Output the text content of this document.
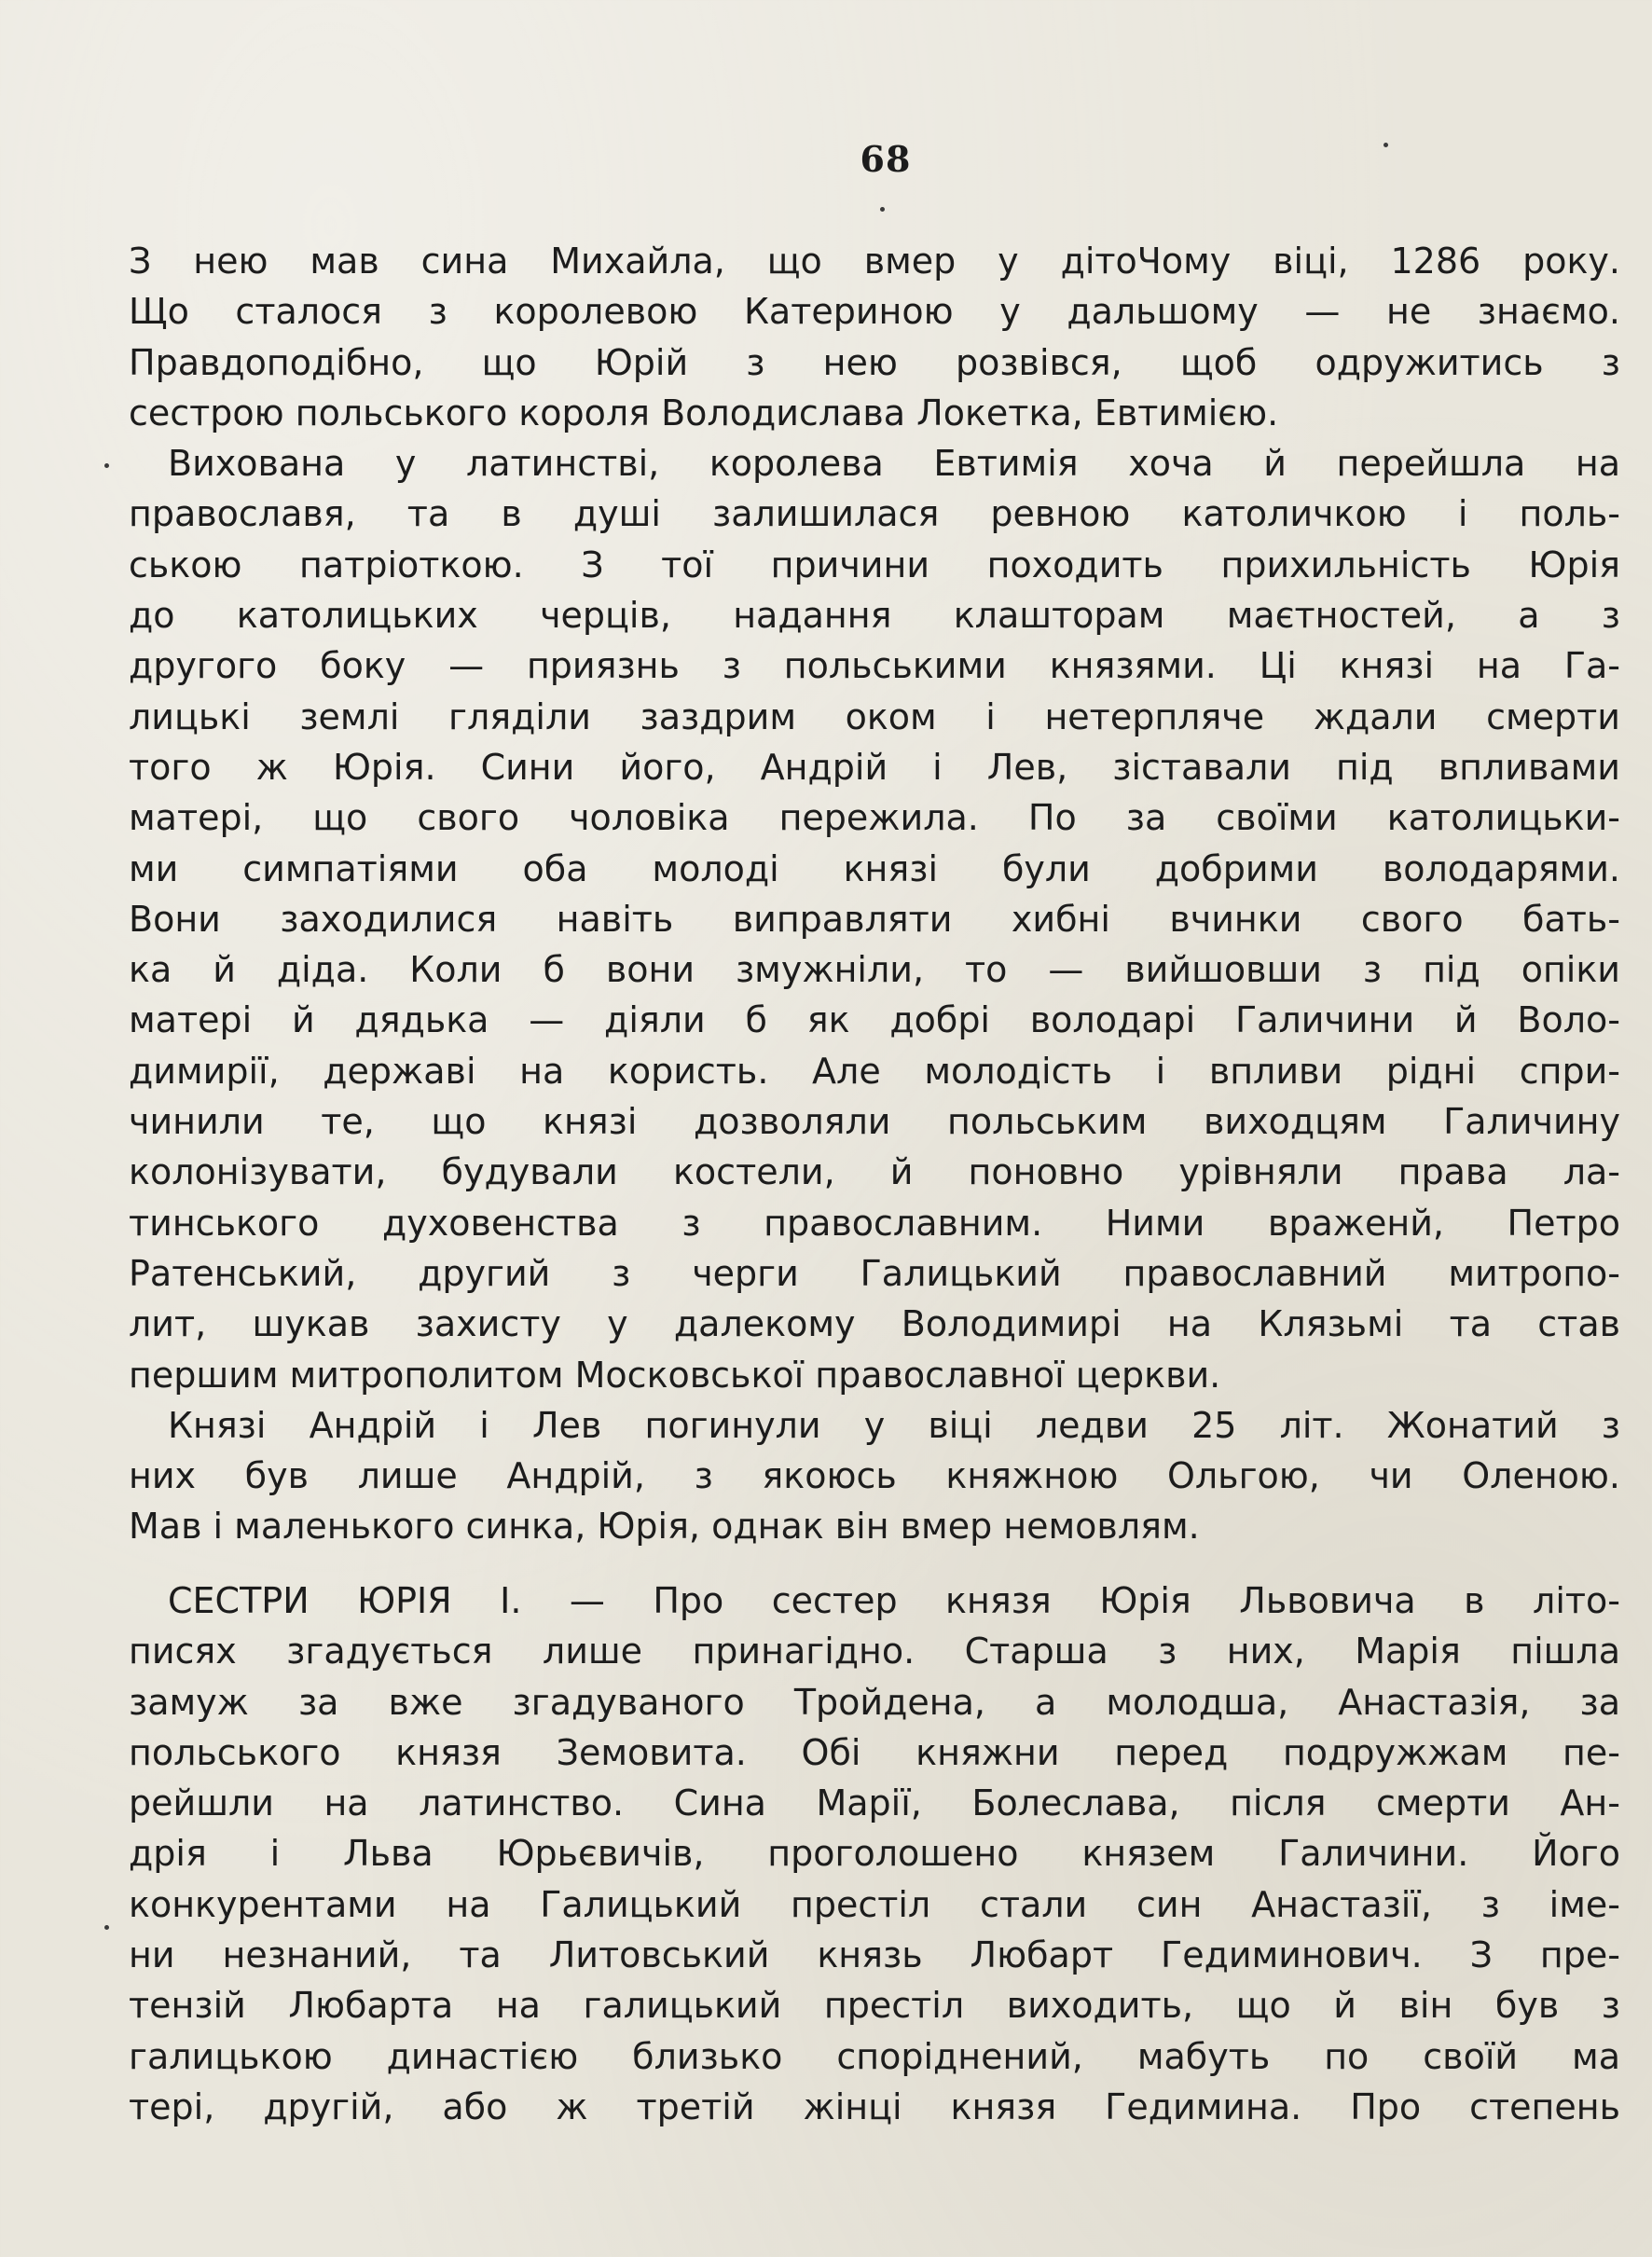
68
З нею мав сина Михайла, що вмер у дітоЧому віці, 1286 року.
Що сталося з королевою Катериною у дальшому — не знаємо.
Правдоподібно, що Юрій з нею розвівся, щоб одружитись з
сестрою польського короля Володислава Локетка, Евтимією.
Вихована у латинстві, королева Евтимія хоча й перейшла на
православя, та в душі залишилася ревною католичкою і поль-
ською патріоткою. З тої причини походить прихильність Юрія
до католицьких черців, надання клашторам маєтностей, а з
другого боку — приязнь з польськими князями. Ці князі на Га-
лицькі землі гляділи заздрим оком і нетерпляче ждали смерти
того ж Юрія. Сини його, Андрій і Лев, зіставали під впливами
матері, що свого чоловіка пережила. По за своїми католицьки-
ми симпатіями оба молоді князі були добрими володарями.
Вони заходилися навіть виправляти хибні вчинки свого бать-
ка й діда. Коли б вони змужніли, то — вийшовши з під опіки
матері й дядька — діяли б як добрі володарі Галичини й Воло-
димирії, державі на користь. Але молодість і впливи рідні спри-
чинили те, що князі дозволяли польським виходцям Галичину
колонізувати, будували костели, й поновно урівняли права ла-
тинського духовенства з православним. Ними враженй, Петро
Ратенський, другий з черги Галицький православний митропо-
лит, шукав захисту у далекому Володимирі на Клязьмі та став
першим митрополитом Московської православної церкви.
Князі Андрій і Лев погинули у віці ледви 25 літ. Жонатий з
них був лише Андрій, з якоюсь княжною Ольгою, чи Оленою.
Мав і маленького синка, Юрія, однак він вмер немовлям.
СЕСТРИ ЮРІЯ І. — Про сестер князя Юрія Львовича в літо-
писях згадується лише принагідно. Старша з них, Марія пішла
замуж за вже згадуваного Тройдена, а молодша, Анастазія, за
польського князя Земовита. Обі княжни перед подружжам пе-
рейшли на латинство. Сина Марії, Болеслава, після смерти Ан-
дрія і Льва Юрьєвичів, проголошено князем Галичини. Його
конкурентами на Галицький престіл стали син Анастазії, з іме-
ни незнаний, та Литовський князь Любарт Гедиминович. З пре-
тензій Любарта на галицький престіл виходить, що й він був з
галицькою династією близько споріднений, мабуть по своїй ма
тері, другій, або ж третій жінці князя Гедимина. Про степень
